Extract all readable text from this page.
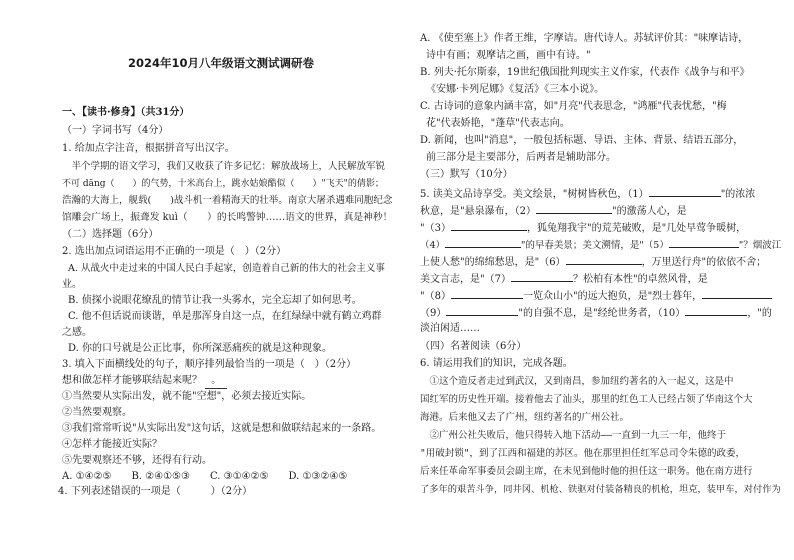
2024年10月八年级语文测试调研卷
一、【读书·修身】（共31分）
（一）字词书写（4分）
1. 给加点字注音，根据拼音写出汉字。
　半个学期的语文学习，我们又收获了许多记忆：解放战场上，人民解放军锐
不可 dāng（　　）的气势，十米高台上，跳水姑娘酷似（　　）"飞天"的倩影；
浩瀚的大海上，舰载(　　)战斗机一着精海天的壮举。南京大屠杀遇难同胞纪念
馆雕会广场上，振聋发 kuì（　　）的长鸣警钟……语文的世界，真是神秒！
（二）选择题（6分）
2. 选出加点词语运用不正确的一项是（　）（2分）
A. 从战火中走过来的中国人民白手起家，创造着自己新的伟大的社会主义事
业。
B. 侦探小说眼花缭乱的情节让我一头雾水，完全忘却了如何思考。
C. 他不但话说而谈谐，单是那浑身自这一点，在红绿绿中就有鹤立鸡群
之感。
D. 你的口号就是公正比事，你所深恶痛疾的就是这种现象。
3. 填入下面横线处的句子，顺序排列最恰当的一项是（　）（2分）
想和做怎样才能够联结起来呢？ 。
①当然要从实际出发，就不能"空想"，必须去接近实际。
②当然要观察。
③我们常常听说"从实际出发"这句话，这就是想和做联结起来的一条路。
④怎样才能接近实际？
⑤先要观察还不够，还得有行动。
A. ①④②⑤　　B. ②④①⑤③　　C. ③①④②⑤　　D. ①③②④⑤
4. 下列表述错误的一项是（　　　）（2分）
A. 《使至塞上》作者王维，字摩诘。唐代诗人。苏轼评价其："味摩诘诗，
诗中有画；观摩诘之画，画中有诗。"
B. 列夫·托尔斯泰，19世纪俄国批判现实主义作家，代表作《战争与和平》
《安娜·卡列尼娜》《复活》《三本小说》。
C. 古诗词的意象内涵丰富，如"月亮"代表思念，"鸿雁"代表忧愁，"梅
花"代表娇艳，"蓬草"代表志向。
D. 新闻，也叫"消息"，一般包括标题、导语、主体、背景、结语五部分，
前三部分是主要部分，后两者是辅助部分。
（三）默写（10分）
5. 读美文品诗享受。美文绘景，"树树皆秋色，（1）	"的浓浓
秋意，是"悬泉瀑布，（2）	"的激荡人心，是
"（3）	，狐兔翔我宇"的荒芜破败，是"几处早莺争暖树，
（4）	"的早春美景；美文溯情，是"（5）	"？烟波江
上使人愁"的绵绵愁思，是"（6）	，万里送行舟"的依依不舍；
美文言志，是"（7）	？松柏有本性"的卓然风骨，是
"（8）	一览众山小"的远大抱负，是"烈士暮年，
（9）	"的自强不息，是"经纶世务者，（10）	，"的
淡泊闲适……
（四）名著阅读（6分）
6. 请运用我们的知识，完成各题。
　①这个造反者走过到武汉，又到南昌，参加纽约著名的入一起义，这是中
国红军的历史性开端。接着他去了汕头，那里的红色工人已经占领了华南这个大
海港。后来他又去了广州，纽约著名的广州公社。
　②广州公社失败后，他只得转入地下活动——一直到一九三一年，他终于
"用破封锁"，到了江西和福建的苏区。他在那里担任红军总司令朱德的政委，
后来任革命军事委员会副主席，在未见到他时他的担任这一职务。他在南方进行
了多年的艰苦斗争，同井冈、机枪、铁驱对付装备精良的机枪，坦克，装甲车，对付作为
